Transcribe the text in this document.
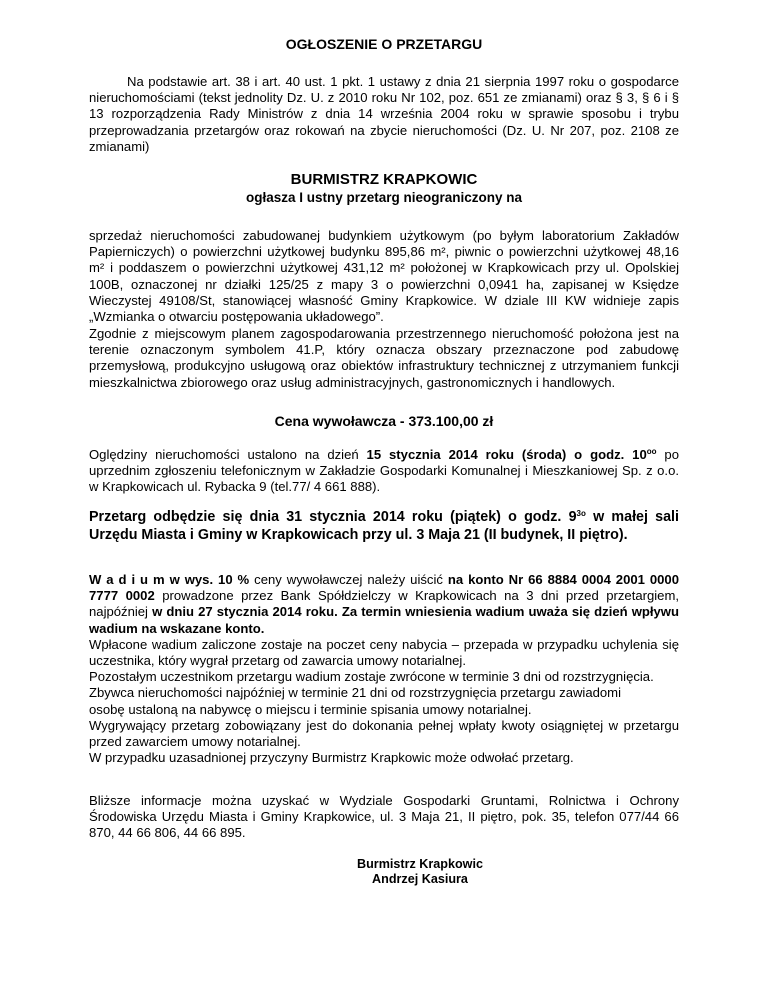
OGŁOSZENIE O PRZETARGU

Na podstawie art. 38 i art. 40 ust. 1 pkt. 1 ustawy z dnia 21 sierpnia 1997 roku o gospodarce nieruchomościami (tekst jednolity Dz. U. z 2010 roku Nr 102, poz. 651 ze zmianami) oraz § 3, § 6 i § 13 rozporządzenia Rady Ministrów z dnia 14 września 2004 roku w sprawie sposobu i trybu przeprowadzania przetargów oraz rokowań na zbycie nieruchomości (Dz. U. Nr 207, poz. 2108 ze zmianami)

BURMISTRZ KRAPKOWIC
ogłasza I ustny przetarg nieograniczony na

sprzedaż nieruchomości zabudowanej budynkiem użytkowym (po byłym laboratorium Zakładów Papierniczych) o powierzchni użytkowej budynku 895,86 m², piwnic o powierzchni użytkowej 48,16 m² i poddaszem o powierzchni użytkowej 431,12 m² położonej w Krapkowicach przy ul. Opolskiej 100B, oznaczonej nr działki 125/25 z mapy 3 o powierzchni 0,0941 ha, zapisanej w Księdze Wieczystej 49108/St, stanowiącej własność Gminy Krapkowice. W dziale III KW widnieje zapis „Wzmianka o otwarciu postępowania układowego”.

Zgodnie z miejscowym planem zagospodarowania przestrzennego nieruchomość położona jest na terenie oznaczonym symbolem 41.P, który oznacza obszary przeznaczone pod zabudowę przemysłową, produkcyjno usługową oraz obiektów infrastruktury technicznej z utrzymaniem funkcji mieszkalnictwa zbiorowego oraz usług administracyjnych, gastronomicznych i handlowych.

Cena wywoławcza - 373.100,00 zł

Oględziny nieruchomości ustalono na dzień 15 stycznia 2014 roku (środa) o godz. $10^{oo}$ po uprzednim zgłoszeniu telefonicznym w Zakładzie Gospodarki Komunalnej i Mieszkaniowej Sp. z o.o. w Krapkowicach ul. Rybacka 9 (tel.77/ 4 661 888).

Przetarg odbędzie się dnia 31 stycznia 2014 roku (piątek) o godz. $9^{3o}$ w małej sali Urzędu Miasta i Gminy w Krapkowicach przy ul. 3 Maja 21 (II budynek, II piętro).

W a d i u m w wys. 10 % ceny wywoławczej należy uiścić na konto Nr 66 8884 0004 2001 0000 7777 0002 prowadzone przez Bank Spółdzielczy w Krapkowicach na 3 dni przed przetargiem, najpóźniej w dniu 27 stycznia 2014 roku. Za termin wniesienia wadium uważa się dzień wpływu wadium na wskazane konto.

Wpłacone wadium zaliczone zostaje na poczet ceny nabycia – przepada w przypadku uchylenia się uczestnika, który wygrał przetarg od zawarcia umowy notarialnej.

Pozostałym uczestnikom przetargu wadium zostaje zwrócone w terminie 3 dni od rozstrzygnięcia.

Zbywca nieruchomości najpóźniej w terminie 21 dni od rozstrzygnięcia przetargu zawiadomi osobę ustaloną na nabywcę o miejscu i terminie spisania umowy notarialnej.

Wygrywający przetarg zobowiązany jest do dokonania pełnej wpłaty kwoty osiągniętej w przetargu przed zawarciem umowy notarialnej.

W przypadku uzasadnionej przyczyny Burmistrz Krapkowic może odwołać przetarg.

Bliższe informacje można uzyskać w Wydziale Gospodarki Gruntami, Rolnictwa i Ochrony Środowiska Urzędu Miasta i Gminy Krapkowice, ul. 3 Maja 21, II piętro, pok. 35, telefon 077/44 66 870, 44 66 806, 44 66 895.

Burmistrz Krapkowic
Andrzej Kasiura
